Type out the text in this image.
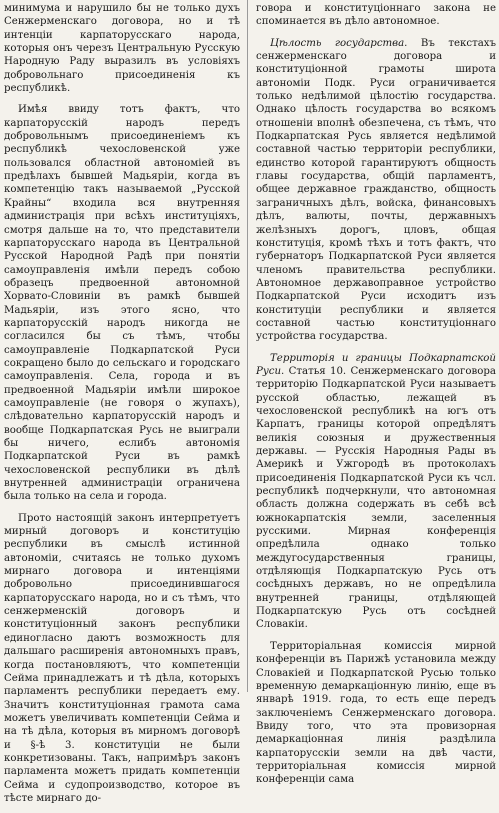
минимума и нарушило бы не только духъ Сенжерменскаго договора, но и тѣ интенціи карпаторусскаго народа, которыя онъ черезъ Центральную Русскую Народную Раду выразилъ въ условіяхъ добровольнаго присоединенія къ республикѣ.

Имѣя ввиду тотъ фактъ, что карпаторусскій народъ передъ добровольнымъ присоединеніемъ къ республикѣ чехословенской уже пользовался областной автономіей въ предѣлахъ бывшей Мадьяріи, когда въ компетенцію такъ называемой „Русской Крайны“ входила вся внутренняя администрація при всѣхъ институціяхъ, смотря дальше на то, что представители карпаторусскаго народа въ Центральной Русской Народной Радѣ при понятіи самоуправленія имѣли передъ собою образецъ предвоенной автономной Хорвато-Словиніи въ рамкѣ бывшей Мадьяріи, изъ этого ясно, что карпаторусскій народъ никогда не согласился бы съ тѣмъ, чтобы самоуправленіе Подкарпатской Руси сокращено было до сельскаго и городскаго самоуправленія. Села, города и въ предвоенной Мадьяріи имѣли широкое самоуправленіе (не говоря о жупахъ), слѣдовательно карпаторусскій народъ и вообще Подкарпатская Русь не выиграли бы ничего, еслибъ автономія Подкарпатской Руси въ рамкѣ чехословенской республики въ дѣлѣ внутренней администраціи ограничена была только на села и города.

Прото настоящій законъ интерпретуетъ мирный договоръ и конституцію республики въ смыслѣ истинной автономіи, считаясь не только духомъ мирнаго договора и интенціями добровольно присоединившагося карпаторусскаго народа, но и съ тѣмъ, что сенжерменскій договоръ и конституціонный законъ республики единогласно даютъ возможность для дальшаго расширенія автономныхъ правъ, когда постановляютъ, что компетенціи Сейма принадлежатъ и тѣ дѣла, которыхъ парламентъ республики передаетъ ему. Значитъ конституціонная грамота сама можетъ увеличивать компетенціи Сейма и на тѣ дѣла, которыя въ мирномъ договорѣ и §-ѣ 3. конституціи не были конкретизованы. Такъ, напримѣръ законъ парламента можетъ придать компетенціи Сейма и судопроизводство, которое въ тѣсте мирнаго до-

говора и конституціоннаго закона не споминается въ дѣло автономное.

Цѣлость государства. Въ текстахъ сенжерменскаго договора и конституціонной грамоты широта автономіи Подк. Руси ограничивается только недѣлимой цѣлостію государства. Однако цѣлость государства во всякомъ отношеніи вполнѣ обезпечена, съ тѣмъ, что Подкарпатская Русь является недѣлимой составной частью территоріи республики, единство которой гарантируютъ общность главы государства, общій парламентъ, общее державное гражданство, общность заграничныхъ дѣлъ, войска, финансовыхъ дѣлъ, валюты, почты, державныхъ желѣзныхъ дорогъ, цловъ, общая конституція, кромѣ тѣхъ и тотъ фактъ, что губернаторъ Подкарпатской Руси является членомъ правительства республики. Автономное державоправное устройство Подкарпатской Руси исходитъ изъ конституціи республики и является составной частью конституціоннаго устройства государства.

Территорія и границы Подкарпатской Руси. Статья 10. Сенжерменскаго договора территорію Подкарпатской Руси называетъ русской областью, лежащей въ чехословенской республикѣ на югъ отъ Карпатъ, границы которой опредѣлятъ великія союзныя и дружественныя державы. — Русскія Народныя Рады въ Америкѣ и Ужгородѣ въ протоколахъ присоединенія Подкарпатской Руси къ чсл. республикѣ подчеркнули, что автономная область должна содержать въ себѣ всѣ южнокарпатскія земли, заселенныя русскими. Мирная конференція опредѣлила однако только междугосударственныя границы, отдѣляющія Подкарпатскую Русь отъ сосѣдныхъ державъ, но не опредѣлила внутренней границы, отдѣляющей Подкарпатскую Русь отъ сосѣдней Словакіи.

Территоріальная комиссія мирной конференціи въ Парижѣ установила между Словакіей и Подкарпатской Русью только временную демаркаціонную линію, еще въ январѣ 1919. года, то есть еще передъ заключеніемъ Сенжерменскаго договора. Ввиду того, что эта провизорная демаркаціонная линія раздѣлила карпаторусскіи земли на двѣ части, территоріальная комиссія мирной конференціи сама
